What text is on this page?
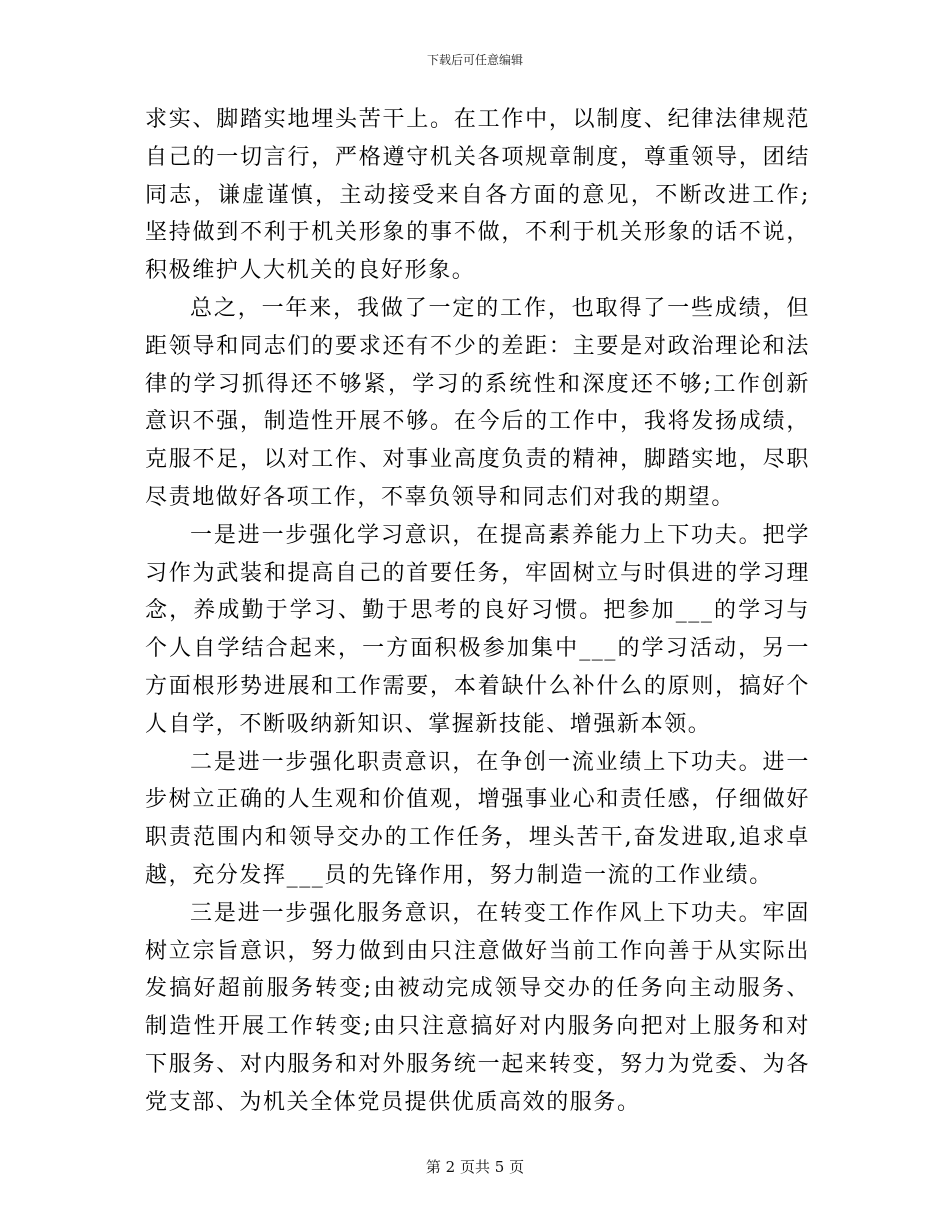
下载后可任意编辑

求实、脚踏实地埋头苦干上。在工作中，以制度、纪律法律规范自己的一切言行，严格遵守机关各项规章制度，尊重领导，团结同志，谦虚谨慎，主动接受来自各方面的意见，不断改进工作;坚持做到不利于机关形象的事不做，不利于机关形象的话不说，积极维护人大机关的良好形象。

总之，一年来，我做了一定的工作，也取得了一些成绩，但距领导和同志们的要求还有不少的差距：主要是对政治理论和法律的学习抓得还不够紧，学习的系统性和深度还不够;工作创新意识不强，制造性开展不够。在今后的工作中，我将发扬成绩，克服不足，以对工作、对事业高度负责的精神，脚踏实地，尽职尽责地做好各项工作，不辜负领导和同志们对我的期望。

一是进一步强化学习意识，在提高素养能力上下功夫。把学习作为武装和提高自己的首要任务，牢固树立与时俱进的学习理念，养成勤于学习、勤于思考的良好习惯。把参加___的学习与个人自学结合起来，一方面积极参加集中___的学习活动，另一方面根形势进展和工作需要，本着缺什么补什么的原则，搞好个人自学，不断吸纳新知识、掌握新技能、增强新本领。

二是进一步强化职责意识，在争创一流业绩上下功夫。进一步树立正确的人生观和价值观，增强事业心和责任感，仔细做好职责范围内和领导交办的工作任务，埋头苦干,奋发进取,追求卓越，充分发挥___员的先锋作用，努力制造一流的工作业绩。

三是进一步强化服务意识，在转变工作作风上下功夫。牢固树立宗旨意识，努力做到由只注意做好当前工作向善于从实际出发搞好超前服务转变;由被动完成领导交办的任务向主动服务、制造性开展工作转变;由只注意搞好对内服务向把对上服务和对下服务、对内服务和对外服务统一起来转变，努力为党委、为各党支部、为机关全体党员提供优质高效的服务。

第 2 页共 5 页
